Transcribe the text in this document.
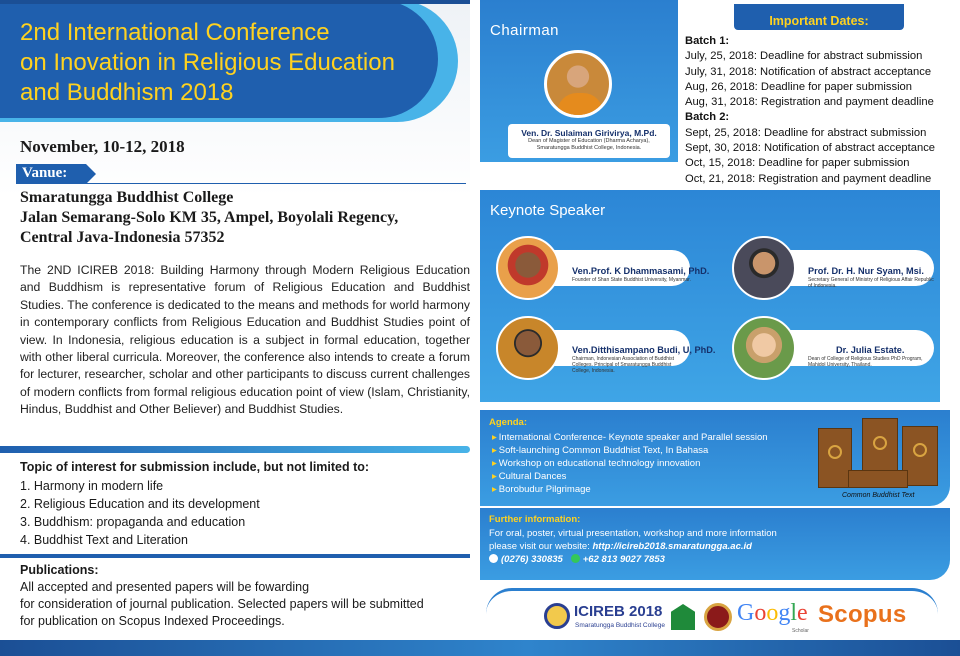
2nd International Conference
on Inovation in Religious Education
and Buddhism 2018
November, 10-12, 2018
Vanue:
Smaratungga Buddhist College
Jalan Semarang-Solo KM 35, Ampel, Boyolali Regency,
Central Java-Indonesia 57352

The 2ND ICIREB 2018: Building Harmony through Modern Religious Education and Buddhism is representative forum of Religious Education and Buddhist Studies. The conference is dedicated to the means and methods for world harmony in contemporary conflicts from Religious Education and Buddhist Studies point of view. In Indonesia, religious education is a subject in formal education, together with other liberal curricula. Moreover, the conference also intends to create a forum for lecturer, researcher, scholar and other participants to discuss current challenges of modern conflicts from formal religious education point of view (Islam, Christianity, Hindus, Buddhist and Other Believer) and Buddhist Studies.

Topic of interest for submission include, but not limited to:
1. Harmony in modern life
2. Religious Education and its development
3. Buddhism: propaganda and education
4. Buddhist Text and Literation
Publications:
All accepted and presented papers will be fowarding
for consideration of journal publication. Selected papers will be submitted
for publication on Scopus Indexed Proceedings.
Chairman
Ven. Dr. Sulaiman Girivirya, M.Pd.
Dean of Magister of Education (Dharma Acharya),
Smaratungga Buddhist College, Indonesia.
Important Dates:
Batch 1:
July, 25, 2018: Deadline for abstract submission
July, 31, 2018: Notification of abstract acceptance
Aug, 26, 2018: Deadline for paper submission
Aug, 31, 2018: Registration and payment deadline
Batch 2:
Sept, 25, 2018: Deadline for abstract submission
Sept, 30, 2018: Notification of abstract acceptance
Oct, 15, 2018: Deadline for paper submission
Oct, 21, 2018: Registration and payment deadline
Keynote Speaker
Ven.Prof. K Dhammasami, PhD.
Founder of Shan State Buddhist University, Myanmar.
Prof. Dr. H. Nur Syam, Msi.
Secretary General of Ministry of Religious Affair Republic of Indonesia.
Ven.Ditthisampano Budi, U, PhD.
Chairman, Indonesian Association of Buddhist Colleges. Principal of Smaratungga Buddhist College, Indonesia.
Dr. Julia Estate.
Dean of College of Religious Studies PhD Program, Mahidol University, Thailand.
Agenda:
▸ International Conference- Keynote speaker and Parallel session
▸ Soft-launching Common Buddhist Text, In Bahasa
▸ Workshop on educational technology innovation
▸ Cultural Dances
▸ Borobudur Pilgrimage
Common Buddhist Text
Further information:
For oral, poster, virtual presentation, workshop and more information
please visit our website: http://icireb2018.smaratungga.ac.id
(0276) 330835 +62 813 9027 7853
ICIREB 2018
Smaratungga Buddhist College	Google
Scholar
Scopus
